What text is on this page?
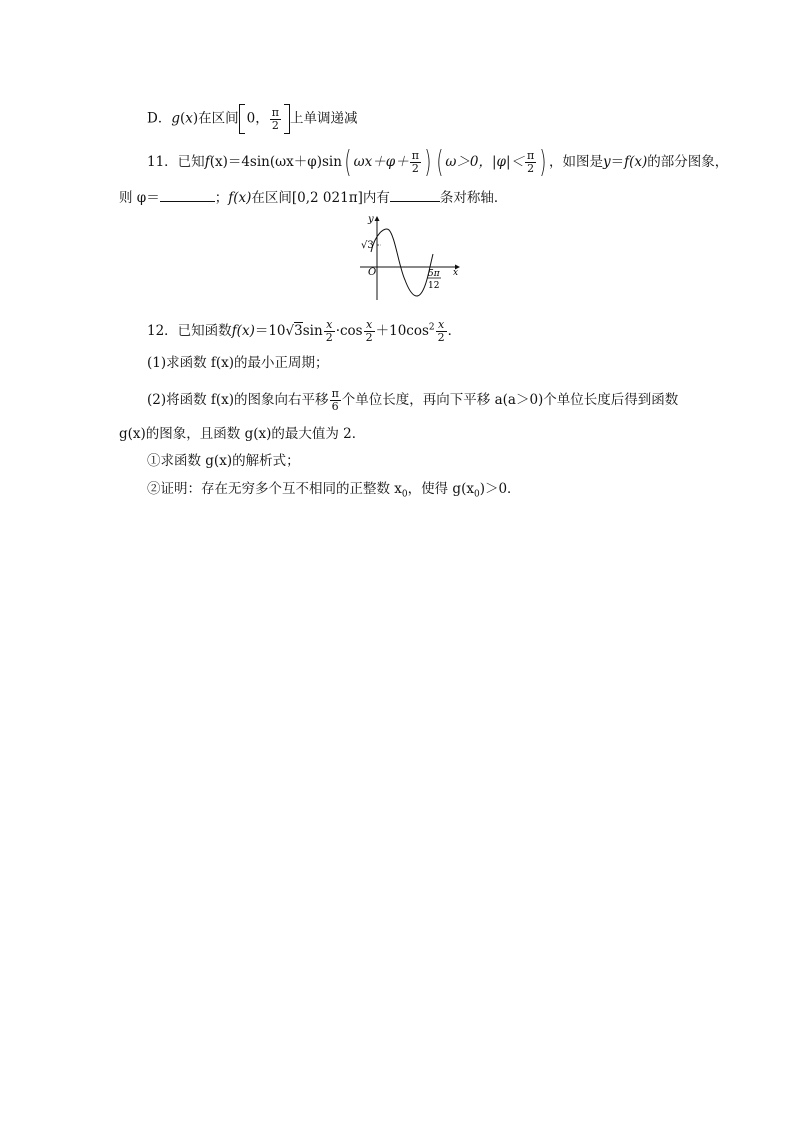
D．g(x)在区间 0， $\frac{\pi}{2}$ 上单调递减
11．已知f(x)＝4sin(ωx＋φ)sin( $\omega x+\varphi+ \frac{\pi}{2}$ ) ( ω＞0，$|\varphi|< \frac{\pi}{2}$ ) ，如图是y＝f(x)的部分图象，
则 φ＝	；f(x)在区间[0,2 021π]内有	条对称轴．
y
x
O
√3
5π
12
12．已知函数$f(x)=10√3\sin \frac{x}{2} \cdot\cos \frac{x}{2} +10\cos^2 \frac{x}{2}$ ．
(1)求函数 f(x)的最小正周期；
(2)将函数 f(x)的图象向右平移 $\frac{\pi}{6}$ 个单位长度，再向下平移 a(a＞0)个单位长度后得到函数
g(x)的图象，且函数 g(x)的最大值为 2．
①求函数 g(x)的解析式；
②证明：存在无穷多个互不相同的正整数 $x_0$，使得 $g(x_0)>0$．
